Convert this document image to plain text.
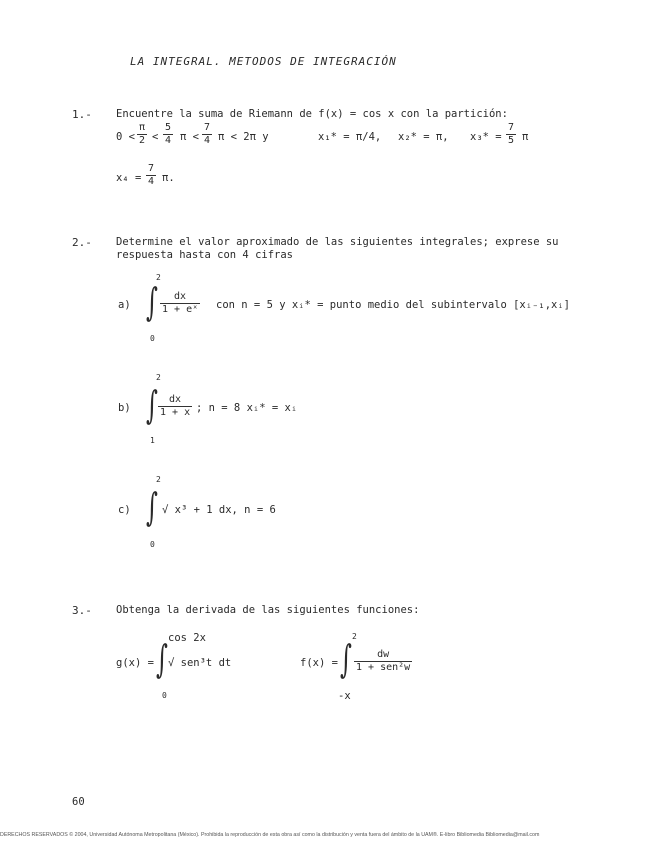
LA INTEGRAL. METODOS DE INTEGRACIÓN
1.- Encuentre la suma de Riemann de f(x) = cos x con la partición:
$0 < \frac{\pi}{2} < \frac{5}{4}$ $\pi < \frac{7}{4}$ π < 2π y	x₁* = π/4, x₂* = π, $x_3* = \frac{7}{5}$ π
$x_4 = \frac{7}{4} \pi$.
2.- Determine el valor aproximado de las siguientes integrales; exprese su
respuesta hasta con 4 cifras
a) ∫
2
0
$\frac{dx}{\text{1 + eˣ}}$ con n = 5 y xᵢ* = punto medio del subintervalo [xᵢ₋₁,xᵢ]
b) ∫
2
1
$\frac{dx}{1 + x}$ ; n = 8 xᵢ* = xᵢ
c) ∫
2
0
√ x³ + 1 dx, n = 6
3.- Obtenga la derivada de las siguientes funciones:
g(x) = ∫ cos 2x
0
√ sen³t dt	f(x) = ∫
2
-x
dw
1 + sen²w
60
DERECHOS RESERVADOS © 2004, Universidad Autónoma Metropolitana (México). Prohibida la reproducción de esta obra así como la distribución y venta fuera del ámbito de la UAM®. E-libro Bibliomedia Bibliomedia@mail.com
